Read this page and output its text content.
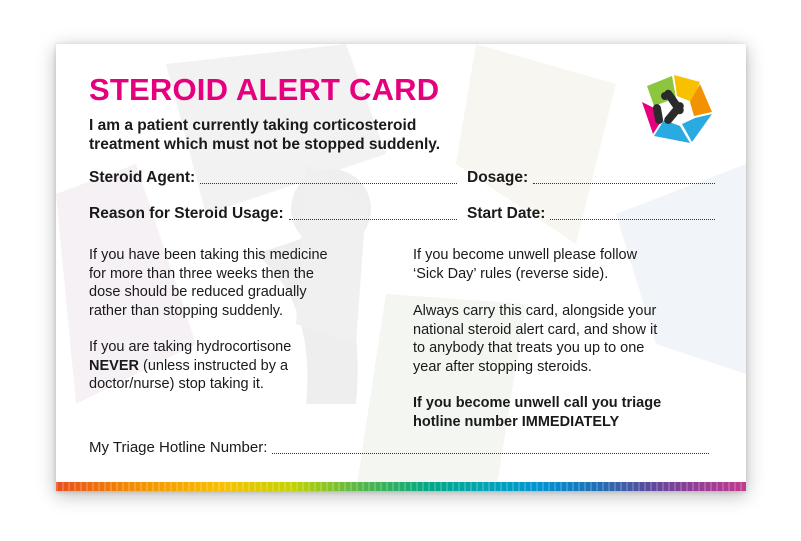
STEROID ALERT CARD

I am a patient currently taking corticosteroid
treatment which must not be stopped suddenly.

Steroid Agent:	Dosage:
Reason for Steroid Usage:	Start Date:

If you have been taking this medicine
for more than three weeks then the
dose should be reduced gradually
rather than stopping suddenly.

If you are taking hydrocortisone
NEVER (unless instructed by a
doctor/nurse) stop taking it.

If you become unwell please follow
‘Sick Day’ rules (reverse side).

Always carry this card, alongside your
national steroid alert card, and show it
to anybody that treats you up to one
year after stopping steroids.

If you become unwell call you triage
hotline number IMMEDIATELY

My Triage Hotline Number:
